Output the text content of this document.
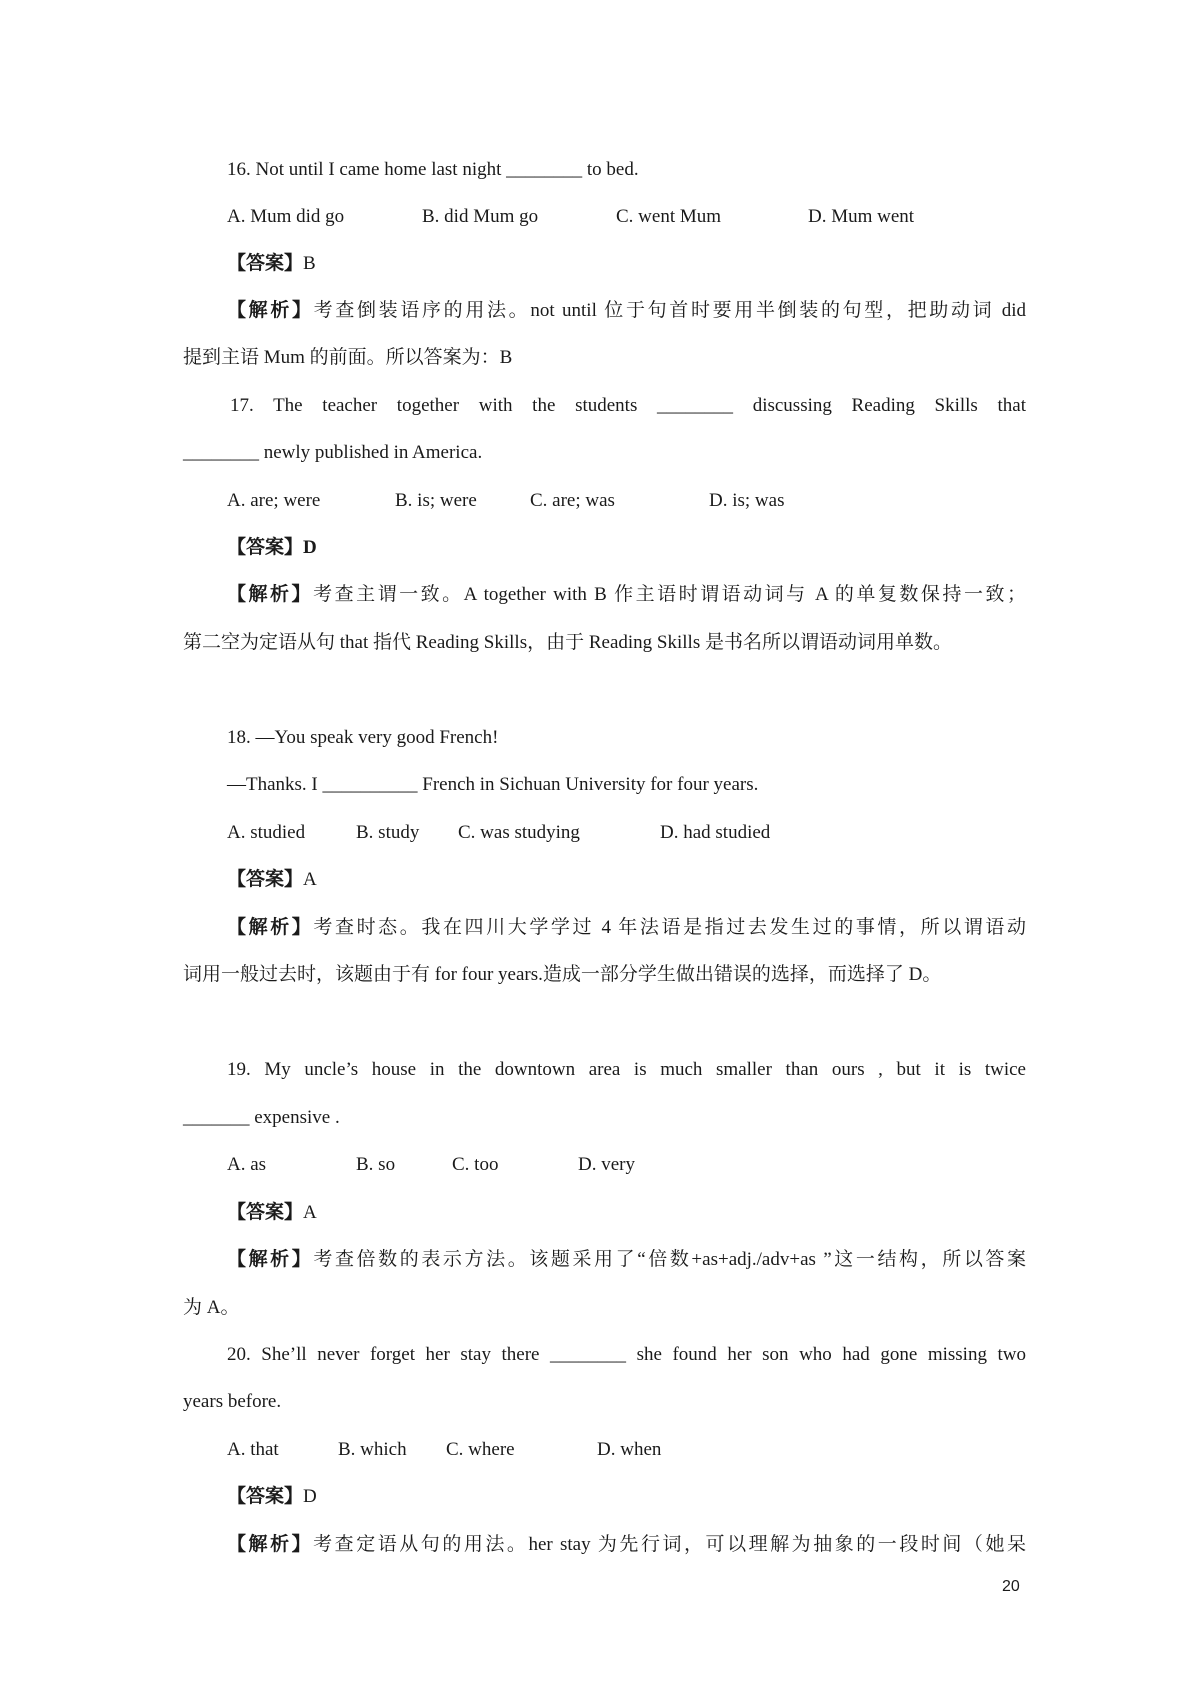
16. Not until I came home last night ________ to bed.
A. Mum did go	B. did Mum go	C. went Mum	D. Mum went
【答案】B
【解析】考查倒装语序的用法。not until 位于句首时要用半倒装的句型，把助动词 did
提到主语 Mum 的前面。所以答案为：B
17. The teacher together with the students ________ discussing Reading Skills that
________ newly published in America.
A. are; were	B. is; were	C. are; was	D. is; was
【答案】D
【解析】考查主谓一致。A together with B 作主语时谓语动词与 A 的单复数保持一致；
第二空为定语从句 that 指代 Reading Skills，由于 Reading Skills 是书名所以谓语动词用单数。
18. —You speak very good French!
—Thanks. I __________ French in Sichuan University for four years.
A. studied	B. study C. was studying	D. had studied
【答案】A
【解析】考查时态。我在四川大学学过 4 年法语是指过去发生过的事情，所以谓语动
词用一般过去时，该题由于有 for four years.造成一部分学生做出错误的选择，而选择了 D。
19. My uncle’s house in the downtown area is much smaller than ours , but it is twice
_______ expensive .
A. as	B. so	C. too	D. very
【答案】A
【解析】考查倍数的表示方法。该题采用了“倍数+as+adj./adv+as ”这一结构，所以答案
为 A。
20. She’ll never forget her stay there ________ she found her son who had gone missing two
years before.
A. that	B. which C. where	D. when
【答案】D
【解析】考查定语从句的用法。her stay 为先行词，可以理解为抽象的一段时间（她呆
20
